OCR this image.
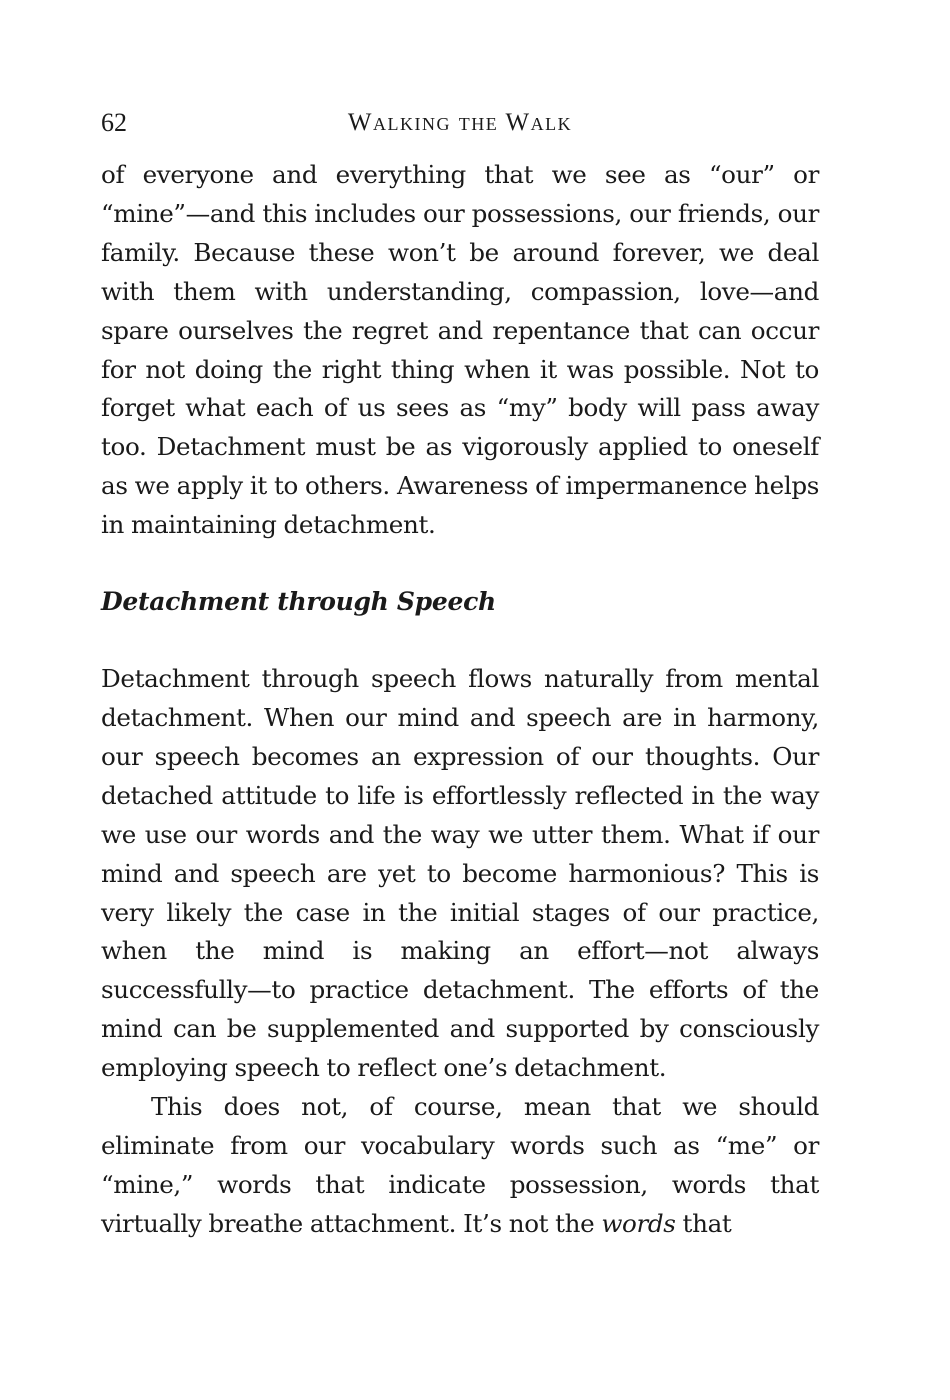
62	Walking the Walk

of everyone and everything that we see as “our” or “mine”—and this includes our possessions, our friends, our family. Because these won’t be around forever, we deal with them with understanding, compassion, love—and spare ourselves the regret and repentance that can occur for not doing the right thing when it was possible. Not to forget what each of us sees as “my” body will pass away too. Detachment must be as vigorously applied to oneself as we apply it to others. Awareness of impermanence helps in maintaining detachment.

Detachment through Speech

Detachment through speech flows naturally from mental detachment. When our mind and speech are in harmony, our speech becomes an expression of our thoughts. Our detached attitude to life is effortlessly reflected in the way we use our words and the way we utter them. What if our mind and speech are yet to become harmonious? This is very likely the case in the initial stages of our practice, when the mind is making an effort—not always successfully—to practice detachment. The efforts of the mind can be supplemented and supported by consciously employing speech to reflect one’s detachment.

This does not, of course, mean that we should eliminate from our vocabulary words such as “me” or “mine,” words that indicate possession, words that virtually breathe attachment. It’s not the words that
